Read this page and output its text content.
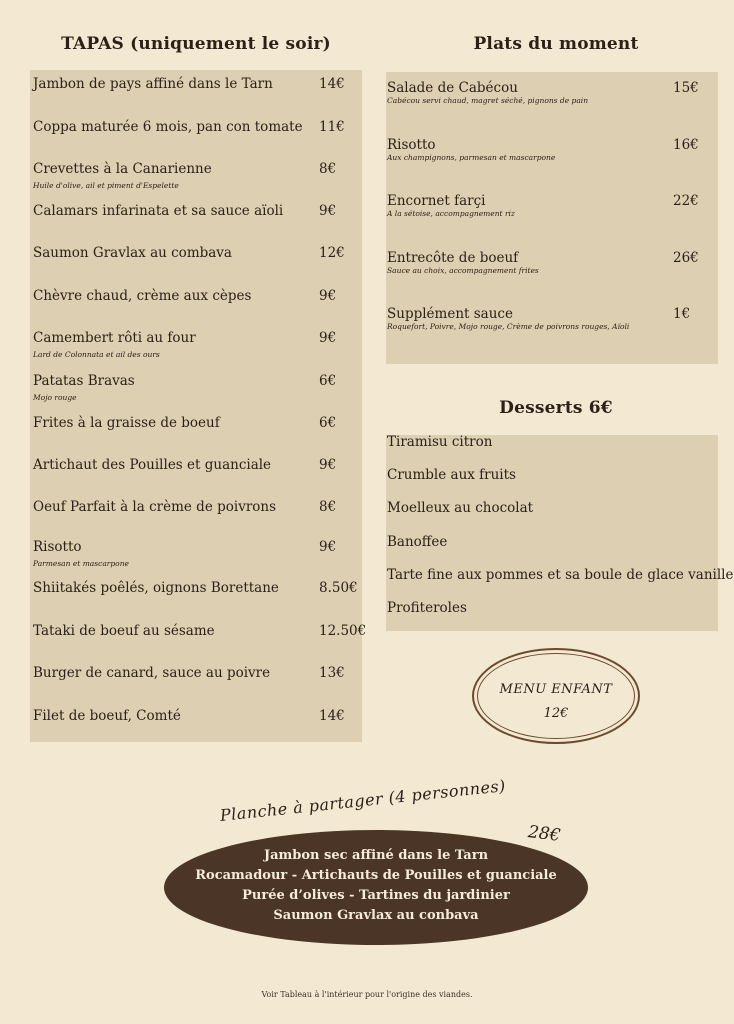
TAPAS (uniquement le soir)	Plats du moment
Jambon de pays affiné dans le Tarn	14€
Coppa maturée 6 mois, pan con tomate 11€
Crevettes à la Canarienne	8€
Huile d'olive, ail et piment d'Espelette
Calamars infarinata et sa sauce aïoli	9€
Saumon Gravlax au combava	12€
Chèvre chaud, crème aux cèpes	9€
Camembert rôti au four	9€
Lard de Colonnata et ail des ours
Patatas Bravas	6€
Mojo rouge
Frites à la graisse de boeuf	6€
Artichaut des Pouilles et guanciale	9€
Oeuf Parfait à la crème de poivrons	8€
Risotto	9€
Parmesan et mascarpone
Shiitakés poêlés, oignons Borettane	8.50€
Tataki de boeuf au sésame	12.50€
Burger de canard, sauce au poivre	13€
Filet de boeuf, Comté	14€
Salade de Cabécou	15€
Cabécou servi chaud, magret séché, pignons de pain
Risotto	16€
Aux champignons, parmesan et mascarpone
Encornet farçi	22€
A la sétoise, accompagnement riz
Entrecôte de boeuf	26€
Sauce au choix, accompagnement frites
Supplément sauce	1€
Roquefort, Poivre, Mojo rouge, Crème de poivrons rouges, Aïoli
Desserts 6€
Tiramisu citron
Crumble aux fruits
Moelleux au chocolat
Banoffee
Tarte fine aux pommes et sa boule de glace vanille
Profiteroles
MENU ENFANT
12€
Planche à partager (4 personnes)
28€
Jambon sec affiné dans le Tarn
Rocamadour - Artichauts de Pouilles et guanciale
Purée d’olives - Tartines du jardinier
Saumon Gravlax au conbava
Voir Tableau à l'intérieur pour l'origine des viandes.
